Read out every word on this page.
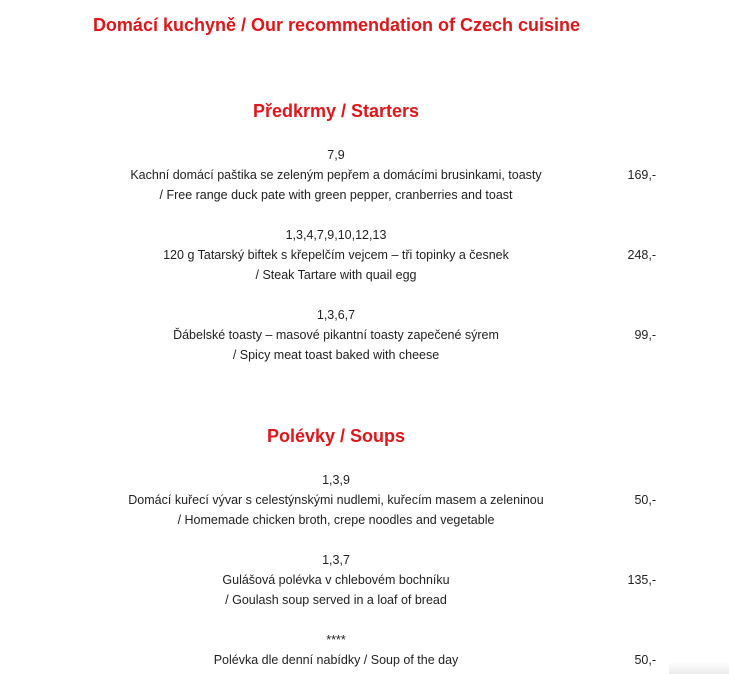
Domácí kuchyně / Our recommendation of Czech cuisine
Předkrmy / Starters
7,9
Kachní domácí paštika se zeleným pepřem a domácími brusinkami, toasty
/ Free range duck pate with green pepper, cranberries and toast
169,-
1,3,4,7,9,10,12,13
120 g Tatarský biftek s křepelčím vejcem – tři topinky a česnek
/ Steak Tartare with quail egg
248,-
1,3,6,7
Ďábelské toasty – masové pikantní toasty zapečené sýrem
/ Spicy meat toast baked with cheese
99,-
Polévky / Soups
1,3,9
Domácí kuřecí vývar s celestýnskými nudlemi, kuřecím masem a zeleninou
/ Homemade chicken broth, crepe noodles and vegetable
50,-
1,3,7
Gulášová polévka v chlebovém bochníku
/ Goulash soup served in a loaf of bread
135,-
****
Polévka dle denní nabídky / Soup of the day	50,-
